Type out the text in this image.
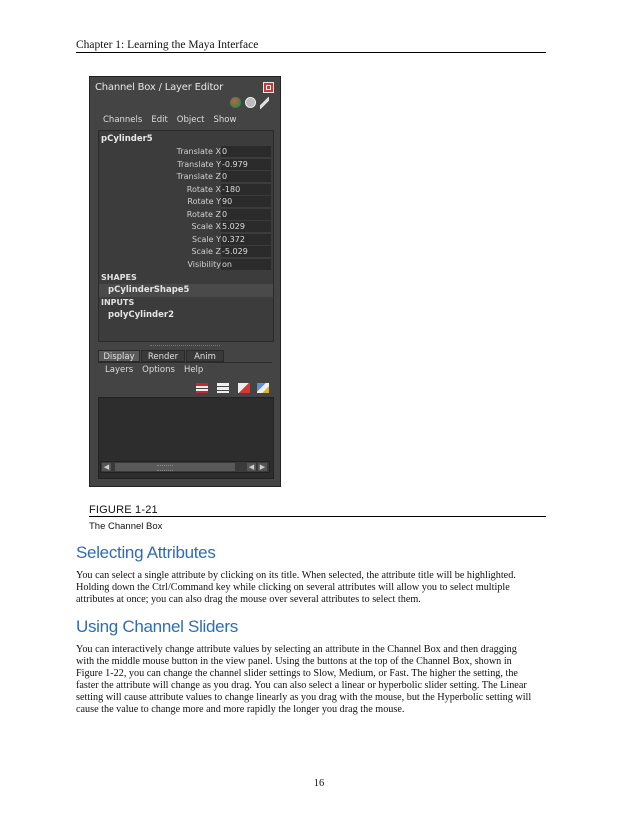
Chapter 1: Learning the Maya Interface
Channel Box / Layer Editor
Channels Edit Object Show
pCylinder5
Translate X 0
Translate Y -0.979
Translate Z 0
Rotate X -180
Rotate Y 90
Rotate Z 0
Scale X 5.029
Scale Y 0.372
Scale Z -5.029
Visibility on
SHAPES
pCylinderShape5
INPUTS
polyCylinder2
Display	Render	Anim
Layers Options Help
◀	◀ ▶
FIGURE 1-21
The Channel Box
Selecting Attributes

You can select a single attribute by clicking on its title. When selected, the attribute title will be highlighted.

Holding down the Ctrl/Command key while clicking on several attributes will allow you to select multiple

attributes at once; you can also drag the mouse over several attributes to select them.

Using Channel Sliders

You can interactively change attribute values by selecting an attribute in the Channel Box and then dragging

with the middle mouse button in the view panel. Using the buttons at the top of the Channel Box, shown in

Figure 1-22, you can change the channel slider settings to Slow, Medium, or Fast. The higher the setting, the

faster the attribute will change as you drag. You can also select a linear or hyperbolic slider setting. The Linear

setting will cause attribute values to change linearly as you drag with the mouse, but the Hyperbolic setting will

cause the value to change more and more rapidly the longer you drag the mouse.

16
